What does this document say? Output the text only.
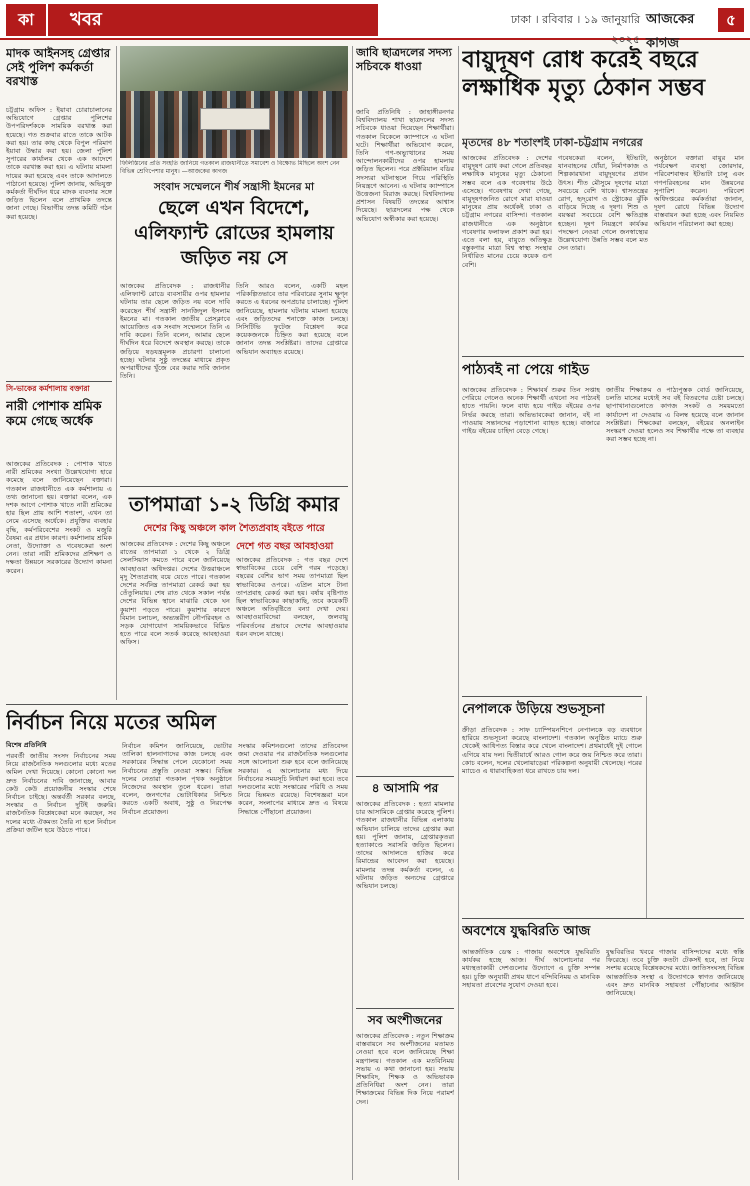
কা	খবর	ঢাকা । রবিবার । ১৯ জানুয়ারি ২০২৫
আজকের কাগজ
৫
মাদক আইনসহ গ্রেপ্তার সেই পুলিশ কর্মকর্তা বরখাস্ত
চট্টগ্রাম অফিস : ইয়াবা চোরাচালানের অভিযোগে গ্রেপ্তার পুলিশের উপপরিদর্শককে সাময়িক বরখাস্ত করা হয়েছে। গত শুক্রবার রাতে তাকে আটক করা হয়। তার কাছ থেকে বিপুল পরিমাণ ইয়াবা উদ্ধার করা হয়। জেলা পুলিশ সুপারের কার্যালয় থেকে এক আদেশে তাকে বরখাস্ত করা হয়। এ ঘটনায় মামলা দায়ের করা হয়েছে এবং তাকে আদালতে পাঠানো হয়েছে। পুলিশ জানায়, অভিযুক্ত কর্মকর্তা দীর্ঘদিন ধরে মাদক ব্যবসার সঙ্গে জড়িত ছিলেন বলে প্রাথমিক তদন্তে জানা গেছে। বিভাগীয় তদন্ত কমিটি গঠন করা হয়েছে।
সি-ভাকের কর্মশালায় বক্তারা
নারী পোশাক শ্রমিক কমে গেছে অর্ধেক
আজকের প্রতিবেদক : পোশাক খাতে নারী শ্রমিকের সংখ্যা উল্লেখযোগ্য হারে কমেছে বলে জানিয়েছেন বক্তারা। গতকাল রাজধানীতে এক কর্মশালায় এ তথ্য জানানো হয়। বক্তারা বলেন, এক দশক আগে পোশাক খাতে নারী শ্রমিকের হার ছিল প্রায় আশি শতাংশ, এখন তা নেমে এসেছে অর্ধেকে। প্রযুক্তির ব্যবহার বৃদ্ধি, কর্মপরিবেশের সংকট ও মজুরি বৈষম্য এর প্রধান কারণ। কর্মশালায় শ্রমিক নেতা, উদ্যোক্তা ও গবেষকেরা অংশ নেন। তারা নারী শ্রমিকদের প্রশিক্ষণ ও দক্ষতা উন্নয়নে সরকারের উদ্যোগ কামনা করেন।
ফিলিস্তিনের প্রতি সংহতি জানিয়ে গতকাল রাজধানীতে সমাবেশ ও বিক্ষোভ মিছিলে অংশ নেন বিভিন্ন শ্রেণিপেশার মানুষ। —আজকের কাগজ
সংবাদ সম্মেলনে শীর্ষ সন্ত্রাসী ইমনের মা
ছেলে এখন বিদেশে, এলিফ্যান্ট রোডের হামলায় জড়িত নয় সে
আজকের প্রতিবেদক : রাজধানীর এলিফ্যান্ট রোডে ব্যবসায়ীর ওপর হামলার ঘটনায় তার ছেলে জড়িত নয় বলে দাবি করেছেন শীর্ষ সন্ত্রাসী সানজিদুল ইসলাম ইমনের মা। গতকাল জাতীয় প্রেসক্লাবে আয়োজিত এক সংবাদ সম্মেলনে তিনি এ দাবি করেন। তিনি বলেন, আমার ছেলে দীর্ঘদিন ধরে বিদেশে অবস্থান করছে। তাকে জড়িয়ে ষড়যন্ত্রমূলক প্রচারণা চালানো হচ্ছে। ঘটনার সুষ্ঠু তদন্তের মাধ্যমে প্রকৃত অপরাধীদের খুঁজে বের করার দাবি জানান তিনি।
তিনি আরও বলেন, একটি মহল পরিকল্পিতভাবে তার পরিবারের সুনাম ক্ষুণ্ন করতে এ ধরনের অপপ্রচার চালাচ্ছে। পুলিশ জানিয়েছে, হামলার ঘটনায় মামলা হয়েছে এবং জড়িতদের শনাক্তে কাজ চলছে। সিসিটিভি ফুটেজ বিশ্লেষণ করে কয়েকজনকে চিহ্নিত করা হয়েছে বলে জানান তদন্ত সংশ্লিষ্টরা। তাদের গ্রেপ্তারে অভিযান অব্যাহত রয়েছে।
তাপমাত্রা ১-২ ডিগ্রি কমার
দেশের কিছু অঞ্চলে কাল শৈত্যপ্রবাহ বইতে পারে
আজকের প্রতিবেদক : দেশের কিছু অঞ্চলে রাতের তাপমাত্রা ১ থেকে ২ ডিগ্রি সেলসিয়াস কমতে পারে বলে জানিয়েছে আবহাওয়া অধিদপ্তর। দেশের উত্তরাঞ্চলে মৃদু শৈত্যপ্রবাহ বয়ে যেতে পারে। গতকাল দেশের সর্বনিম্ন তাপমাত্রা রেকর্ড করা হয় তেঁতুলিয়ায়। শেষ রাত থেকে সকাল পর্যন্ত দেশের বিভিন্ন স্থানে মাঝারি থেকে ঘন কুয়াশা পড়তে পারে। কুয়াশার কারণে বিমান চলাচল, অভ্যন্তরীণ নৌপরিবহন ও সড়ক যোগাযোগ সাময়িকভাবে বিঘ্নিত হতে পারে বলে সতর্ক করেছে আবহাওয়া অফিস।
দেশে গত বছর আবহাওয়া
আজকের প্রতিবেদক : গত বছর দেশে স্বাভাবিকের চেয়ে বেশি গরম পড়েছে। বছরের বেশির ভাগ সময় তাপমাত্রা ছিল স্বাভাবিকের ওপরে। এপ্রিল মাসে টানা তাপপ্রবাহ রেকর্ড করা হয়। বর্ষায় বৃষ্টিপাত ছিল স্বাভাবিকের কাছাকাছি, তবে কয়েকটি অঞ্চলে অতিবৃষ্টিতে বন্যা দেখা দেয়। আবহাওয়াবিদেরা বলছেন, জলবায়ু পরিবর্তনের প্রভাবে দেশের আবহাওয়ার ধরন বদলে যাচ্ছে।
নির্বাচন নিয়ে মতের অমিল
বিশেষ প্রতিনিধি
পরবর্তী জাতীয় সংসদ নির্বাচনের সময় নিয়ে রাজনৈতিক দলগুলোর মধ্যে মতের অমিল দেখা দিয়েছে। কোনো কোনো দল দ্রুত নির্বাচনের দাবি জানাচ্ছে, আবার কেউ কেউ প্রয়োজনীয় সংস্কার শেষে নির্বাচন চাইছে। অন্তর্বর্তী সরকার বলছে, সংস্কার ও নির্বাচন দুটিই জরুরি। রাজনৈতিক বিশ্লেষকেরা মনে করছেন, সব দলের মধ্যে ঐকমত্য তৈরি না হলে নির্বাচন প্রক্রিয়া জটিল হয়ে উঠতে পারে।
নির্বাচন কমিশন জানিয়েছে, ভোটার তালিকা হালনাগাদের কাজ চলছে এবং সরকারের সিদ্ধান্ত পেলে যেকোনো সময় নির্বাচনের প্রস্তুতি নেওয়া সম্ভব। বিভিন্ন দলের নেতারা গতকাল পৃথক অনুষ্ঠানে নিজেদের অবস্থান তুলে ধরেন। তারা বলেন, জনগণের ভোটাধিকার নিশ্চিত করতে একটি অবাধ, সুষ্ঠু ও নিরপেক্ষ নির্বাচন প্রয়োজন।
সংস্কার কমিশনগুলো তাদের প্রতিবেদন জমা দেওয়ার পর রাজনৈতিক দলগুলোর সঙ্গে আলোচনা শুরু হবে বলে জানিয়েছে সরকার। এ আলোচনার মধ্য দিয়ে নির্বাচনের সময়সূচি নির্ধারণ করা হবে। তবে দলগুলোর মধ্যে সংস্কারের পরিধি ও সময় নিয়ে ভিন্নমত রয়েছে। বিশেষজ্ঞরা মনে করেন, সংলাপের মাধ্যমে দ্রুত এ বিষয়ে সিদ্ধান্তে পৌঁছানো প্রয়োজন।
জাবি ছাত্রদলের সদস্য সচিবকে ধাওয়া
জাবি প্রতিনিধি : জাহাঙ্গীরনগর বিশ্ববিদ্যালয় শাখা ছাত্রদলের সদস্য সচিবকে ধাওয়া দিয়েছেন শিক্ষার্থীরা। গতকাল বিকেলে ক্যাম্পাসে এ ঘটনা ঘটে। শিক্ষার্থীরা অভিযোগ করেন, তিনি গণ-অভ্যুত্থানের সময় আন্দোলনকারীদের ওপর হামলায় জড়িত ছিলেন। পরে প্রক্টরিয়াল বডির সদস্যরা ঘটনাস্থলে গিয়ে পরিস্থিতি নিয়ন্ত্রণে আনেন। এ ঘটনায় ক্যাম্পাসে উত্তেজনা বিরাজ করছে। বিশ্ববিদ্যালয় প্রশাসন বিষয়টি তদন্তের আশ্বাস দিয়েছে। ছাত্রদলের পক্ষ থেকে অভিযোগ অস্বীকার করা হয়েছে।
৪ আসামি পর
আজকের প্রতিবেদক : হত্যা মামলার চার আসামিকে গ্রেপ্তার করেছে পুলিশ। গতকাল রাজধানীর বিভিন্ন এলাকায় অভিযান চালিয়ে তাদের গ্রেপ্তার করা হয়। পুলিশ জানায়, গ্রেপ্তারকৃতরা হত্যাকাণ্ডে সরাসরি জড়িত ছিলেন। তাদের আদালতে হাজির করে রিমান্ডের আবেদন করা হয়েছে। মামলার তদন্ত কর্মকর্তা বলেন, এ ঘটনায় জড়িত অন্যদের গ্রেপ্তারে অভিযান চলছে।
সব অংশীজনের
আজকের প্রতিবেদক : নতুন শিক্ষাক্রম বাস্তবায়নে সব অংশীজনের মতামত নেওয়া হবে বলে জানিয়েছে শিক্ষা মন্ত্রণালয়। গতকাল এক মতবিনিময় সভায় এ কথা জানানো হয়। সভায় শিক্ষাবিদ, শিক্ষক ও অভিভাবক প্রতিনিধিরা অংশ নেন। তারা শিক্ষাক্রমের বিভিন্ন দিক নিয়ে পরামর্শ দেন।
বায়ুদূষণ রোধ করেই বছরে লক্ষাধিক মৃত্যু ঠেকান সম্ভব
মৃতদের ৪৮ শতাংশই ঢাকা-চট্টগ্রাম নগরের
আজকের প্রতিবেদক : দেশের বায়ুদূষণ রোধ করা গেলে প্রতিবছর লক্ষাধিক মানুষের মৃত্যু ঠেকানো সম্ভব বলে এক গবেষণায় উঠে এসেছে। গবেষণায় দেখা গেছে, বায়ুদূষণজনিত রোগে মারা যাওয়া মানুষের প্রায় অর্ধেকই ঢাকা ও চট্টগ্রাম নগরের বাসিন্দা। গতকাল রাজধানীতে এক অনুষ্ঠানে গবেষণার ফলাফল প্রকাশ করা হয়। এতে বলা হয়, বায়ুতে অতিক্ষুদ্র বস্তুকণার মাত্রা বিশ্ব স্বাস্থ্য সংস্থার নির্ধারিত মানের চেয়ে কয়েক গুণ বেশি।
গবেষকেরা বলেন, ইটভাটা, যানবাহনের ধোঁয়া, নির্মাণকাজ ও শিল্পকারখানা বায়ুদূষণের প্রধান উৎস। শীত মৌসুমে দূষণের মাত্রা সবচেয়ে বেশি থাকে। শ্বাসতন্ত্রের রোগ, হৃদ্‌রোগ ও স্ট্রোকের ঝুঁকি বাড়িয়ে দিচ্ছে এ দূষণ। শিশু ও বয়স্করা সবচেয়ে বেশি ক্ষতিগ্রস্ত হচ্ছেন। দূষণ নিয়ন্ত্রণে কার্যকর পদক্ষেপ নেওয়া গেলে জনস্বাস্থ্যের উল্লেখযোগ্য উন্নতি সম্ভব বলে মত দেন তারা।
অনুষ্ঠানে বক্তারা বায়ুর মান পর্যবেক্ষণ ব্যবস্থা জোরদার, পরিবেশবান্ধব ইটভাটা চালু এবং গণপরিবহনের মান উন্নয়নের সুপারিশ করেন। পরিবেশ অধিদপ্তরের কর্মকর্তারা জানান, দূষণ রোধে বিভিন্ন উদ্যোগ বাস্তবায়ন করা হচ্ছে এবং নিয়মিত অভিযান পরিচালনা করা হচ্ছে।
পাঠ্যবই না পেয়ে গাইড
আজকের প্রতিবেদক : শিক্ষাবর্ষ শুরুর তিন সপ্তাহ পেরিয়ে গেলেও অনেক শিক্ষার্থী এখনো সব পাঠ্যবই হাতে পায়নি। ফলে বাধ্য হয়ে গাইড বইয়ের ওপর নির্ভর করছে তারা। অভিভাবকেরা জানান, বই না পাওয়ায় সন্তানদের পড়াশোনা ব্যাহত হচ্ছে। বাজারে গাইড বইয়ের চাহিদা বেড়ে গেছে।
জাতীয় শিক্ষাক্রম ও পাঠ্যপুস্তক বোর্ড জানিয়েছে, চলতি মাসের মধ্যেই সব বই বিতরণের চেষ্টা চলছে। ছাপাখানাগুলোতে কাগজ সংকট ও সময়মতো কার্যাদেশ না দেওয়ায় এ বিলম্ব হয়েছে বলে জানান সংশ্লিষ্টরা। শিক্ষকেরা বলছেন, বইয়ের অনলাইন সংস্করণ দেওয়া হলেও সব শিক্ষার্থীর পক্ষে তা ব্যবহার করা সম্ভব হচ্ছে না।
নেপালকে উড়িয়ে শুভসূচনা
ক্রীড়া প্রতিবেদক : সাফ চ্যাম্পিয়নশিপে নেপালকে বড় ব্যবধানে হারিয়ে শুভসূচনা করেছে বাংলাদেশ। গতকাল অনুষ্ঠিত ম্যাচে শুরু থেকেই আধিপত্য বিস্তার করে খেলে বাংলাদেশ। প্রথমার্ধেই দুই গোলে এগিয়ে যায় দল। দ্বিতীয়ার্ধে আরও গোল করে জয় নিশ্চিত করে তারা। কোচ বলেন, দলের খেলোয়াড়েরা পরিকল্পনা অনুযায়ী খেলেছে। পরের ম্যাচেও এ ধারাবাহিকতা ধরে রাখতে চায় দল।
অবশেষে যুদ্ধবিরতি আজ
আন্তর্জাতিক ডেস্ক : গাজায় অবশেষে যুদ্ধবিরতি কার্যকর হচ্ছে আজ। দীর্ঘ আলোচনার পর মধ্যস্থতাকারী দেশগুলোর উদ্যোগে এ চুক্তি সম্পন্ন হয়। চুক্তি অনুযায়ী প্রথম ধাপে বন্দিবিনিময় ও মানবিক সহায়তা প্রবেশের সুযোগ দেওয়া হবে।
যুদ্ধবিরতির খবরে গাজার বাসিন্দাদের মধ্যে স্বস্তি ফিরেছে। তবে চুক্তি কতটা টেকসই হবে, তা নিয়ে সংশয় রয়েছে বিশ্লেষকদের মধ্যে। জাতিসংঘসহ বিভিন্ন আন্তর্জাতিক সংস্থা এ উদ্যোগকে স্বাগত জানিয়েছে এবং দ্রুত মানবিক সহায়তা পৌঁছানোর আহ্বান জানিয়েছে।
